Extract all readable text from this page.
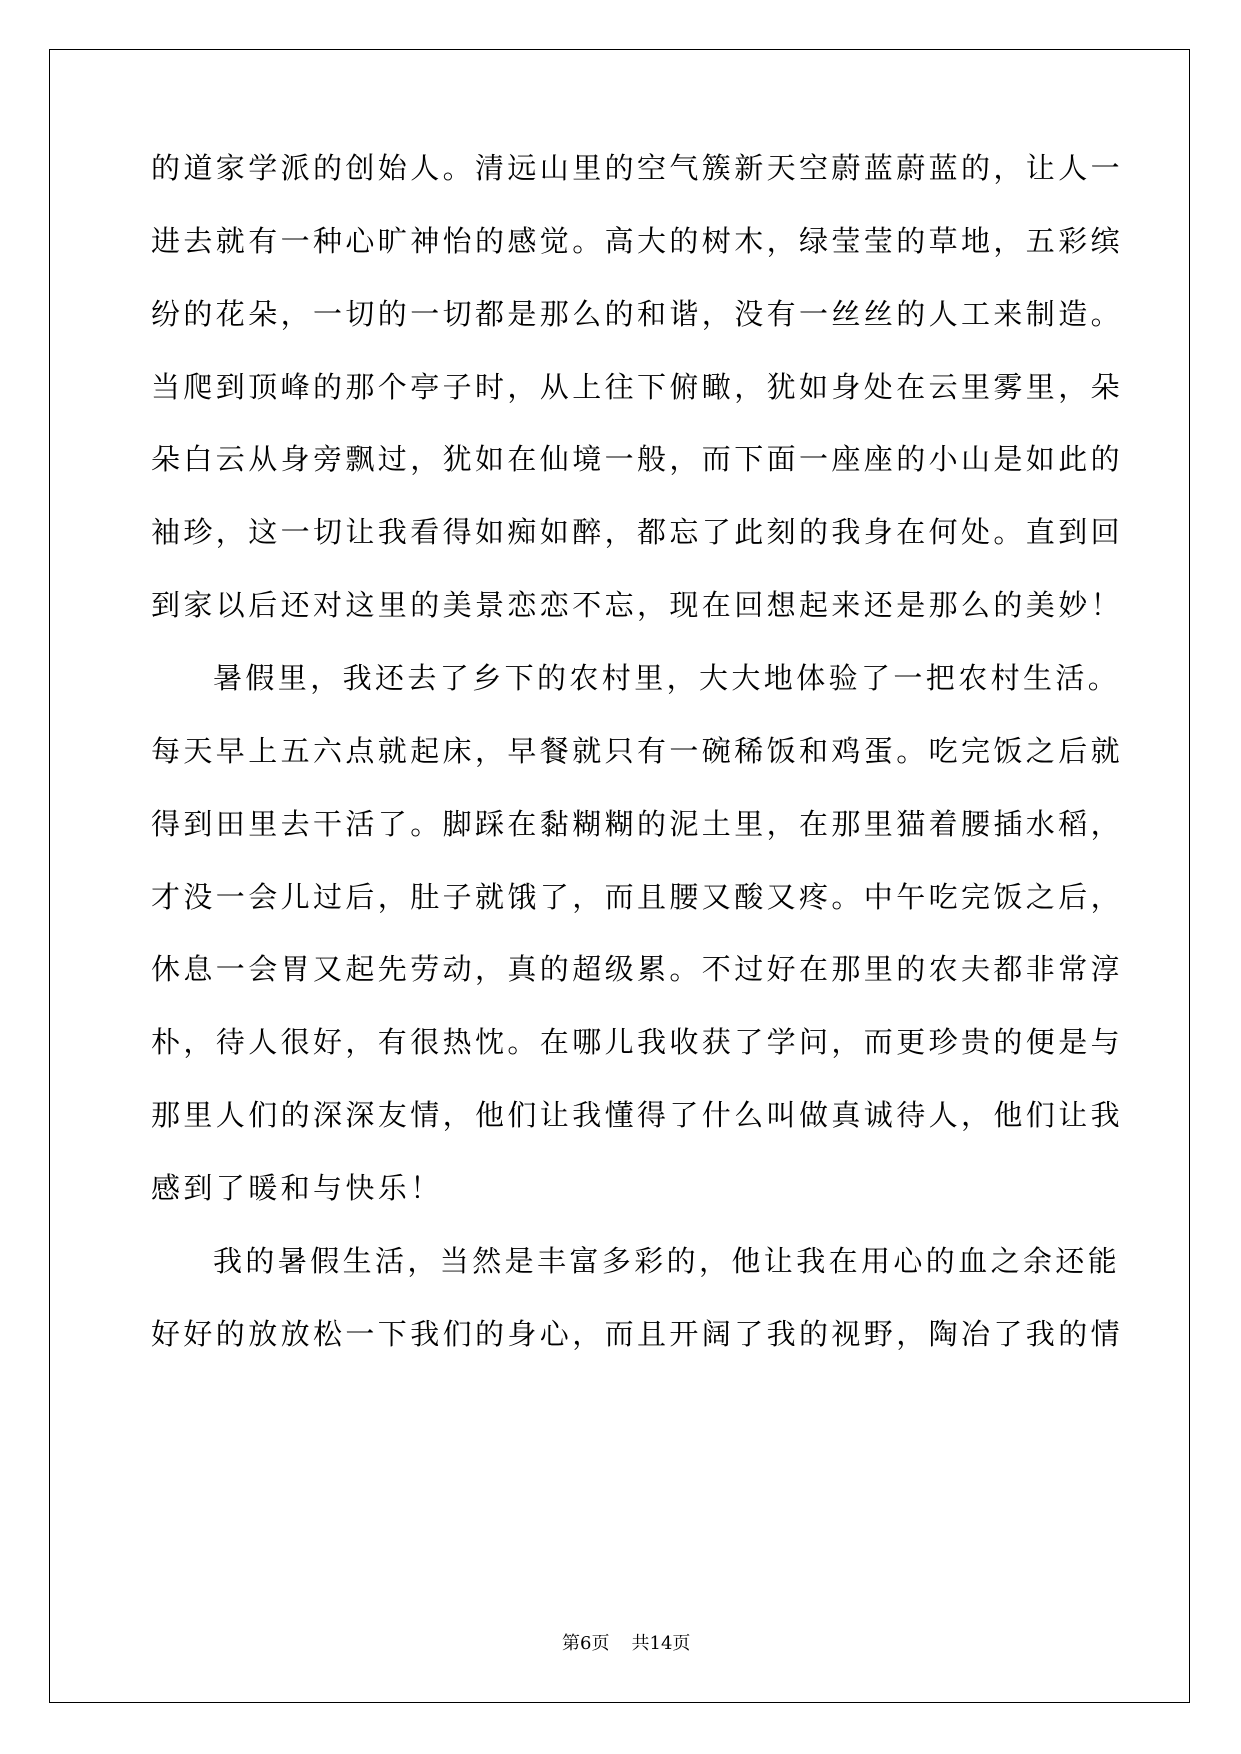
的道家学派的创始人。清远山里的空气簇新天空蔚蓝蔚蓝的，让人一
进去就有一种心旷神怡的感觉。高大的树木，绿莹莹的草地，五彩缤
纷的花朵，一切的一切都是那么的和谐，没有一丝丝的人工来制造。
当爬到顶峰的那个亭子时，从上往下俯瞰，犹如身处在云里雾里，朵
朵白云从身旁飘过，犹如在仙境一般，而下面一座座的小山是如此的
袖珍，这一切让我看得如痴如醉，都忘了此刻的我身在何处。直到回
到家以后还对这里的美景恋恋不忘，现在回想起来还是那么的美妙！
暑假里，我还去了乡下的农村里，大大地体验了一把农村生活。
每天早上五六点就起床，早餐就只有一碗稀饭和鸡蛋。吃完饭之后就
得到田里去干活了。脚踩在黏糊糊的泥土里，在那里猫着腰插水稻，
才没一会儿过后，肚子就饿了，而且腰又酸又疼。中午吃完饭之后，
休息一会胃又起先劳动，真的超级累。不过好在那里的农夫都非常淳
朴，待人很好，有很热忱。在哪儿我收获了学问，而更珍贵的便是与
那里人们的深深友情，他们让我懂得了什么叫做真诚待人，他们让我
感到了暖和与快乐！
我的暑假生活，当然是丰富多彩的，他让我在用心的血之余还能
好好的放放松一下我们的身心，而且开阔了我的视野，陶冶了我的情

第6页 共14页
